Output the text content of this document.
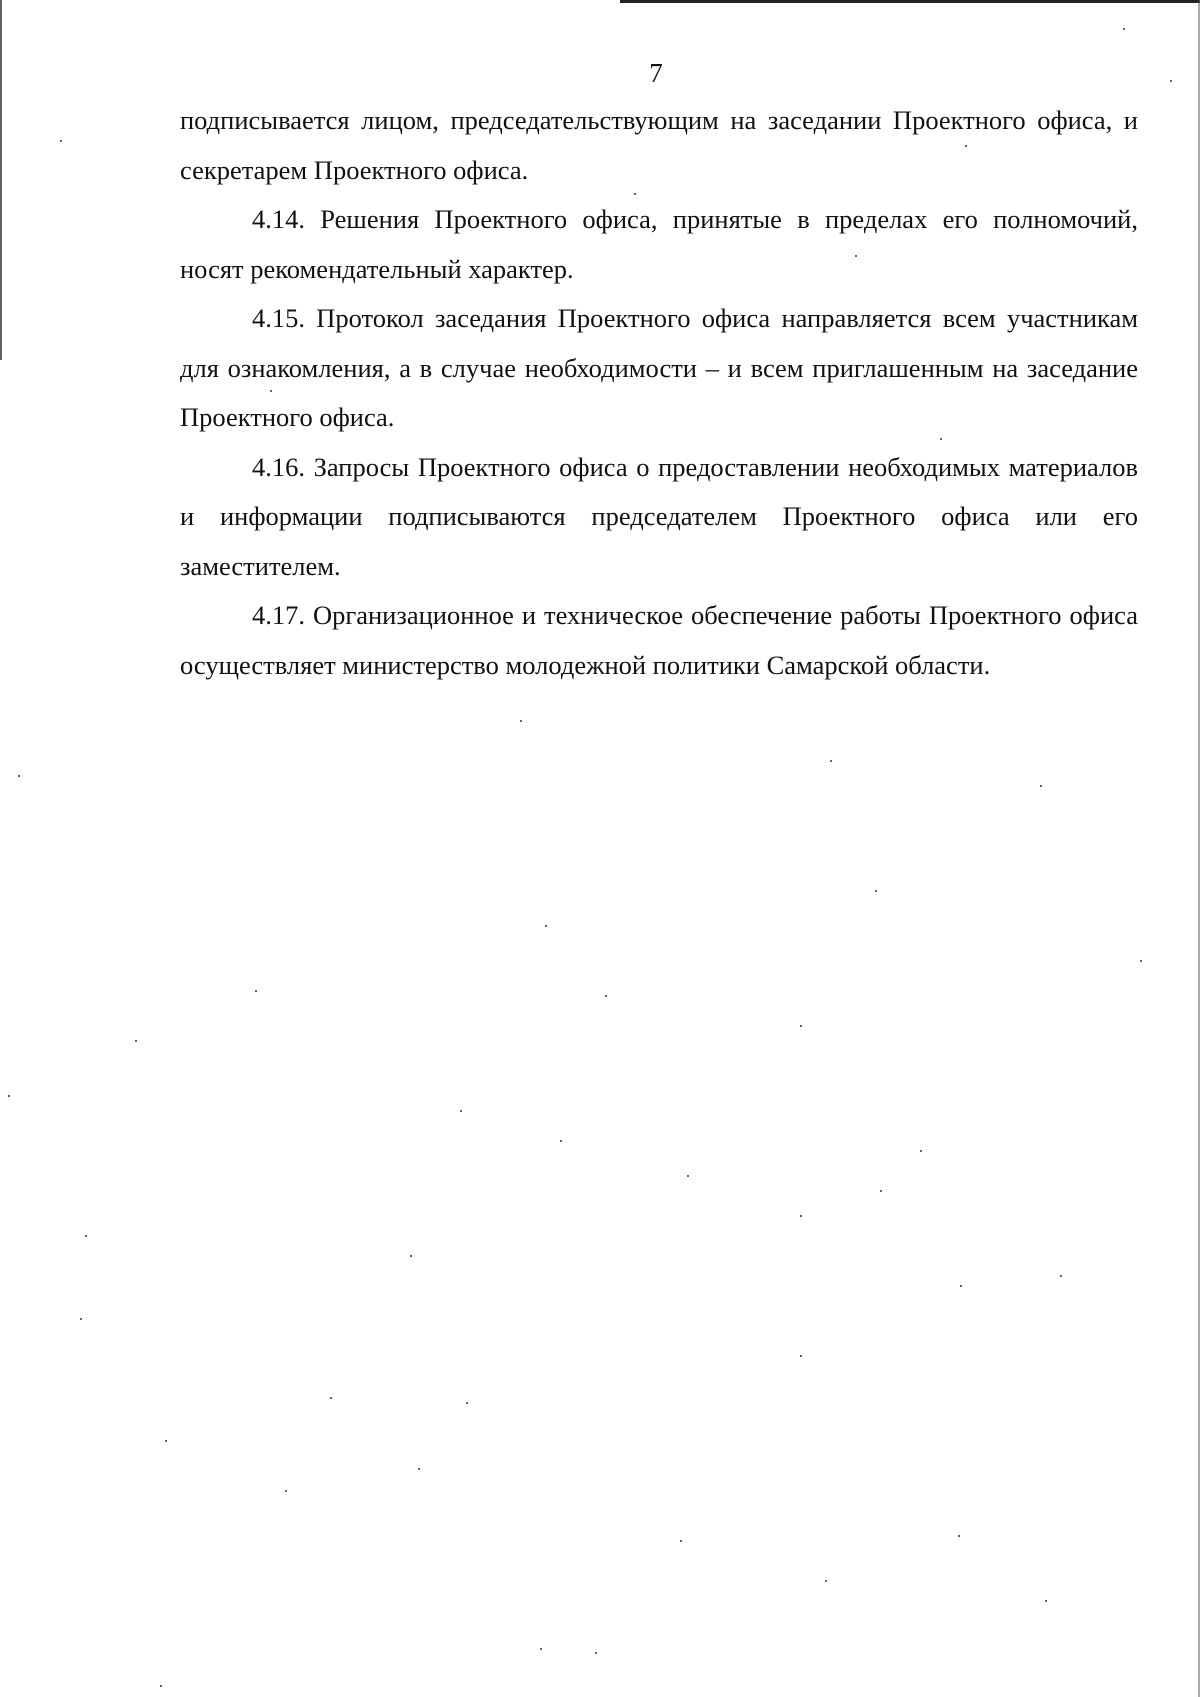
7

подписывается лицом, председательствующим на заседании Проектного офиса, и секретарем Проектного офиса.

4.14. Решения Проектного офиса, принятые в пределах его полномочий, носят рекомендательный характер.

4.15. Протокол заседания Проектного офиса направляется всем участникам для ознакомления, а в случае необходимости – и всем приглашенным на заседание Проектного офиса.

4.16. Запросы Проектного офиса о предоставлении необходимых материалов и информации подписываются председателем Проектного офиса или его заместителем.

4.17. Организационное и техническое обеспечение работы Проектного офиса осуществляет министерство молодежной политики Самарской области.
